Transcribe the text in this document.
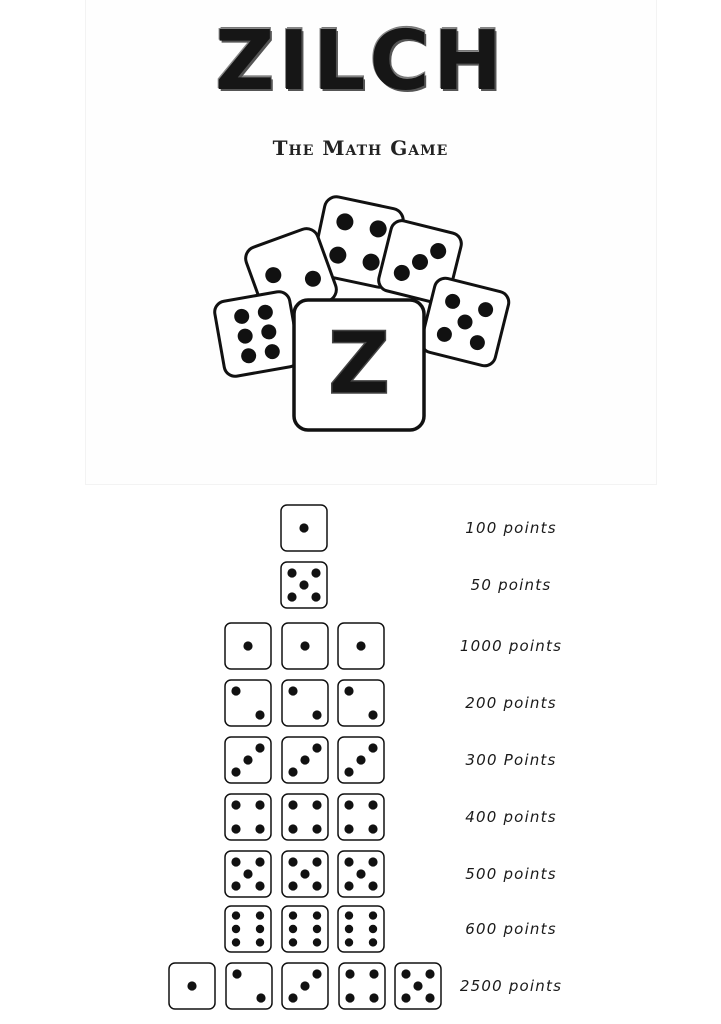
ZILCH
The Math Game
Z
100 points
50 points
1000 points
200 points
300 Points
400 points
500 points
600 points
2500 points
